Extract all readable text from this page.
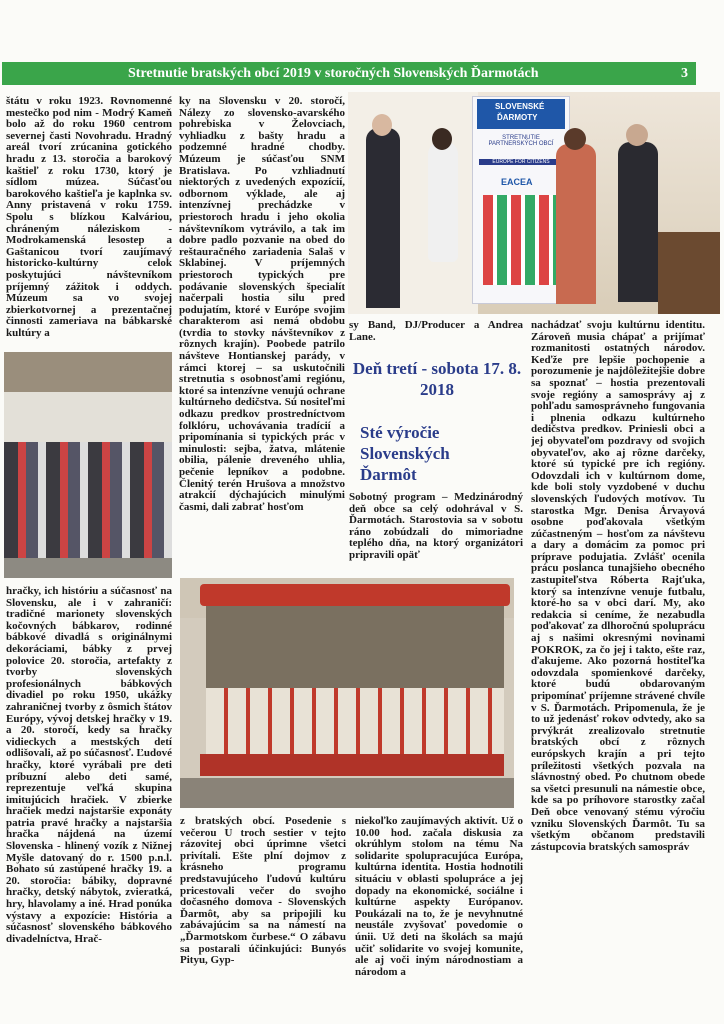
Stretnutie bratských obcí 2019 v storočných Slovenských Ďarmotách	3

štátu v roku 1923. Rovnomenné mestečko pod nim - Modrý Kameň bolo až do roku 1960 centrom severnej časti Novohradu. Hradný areál tvorí zrúcanina gotického hradu z 13. storočia a barokový kaštieľ z roku 1730, ktorý je sídlom múzea. Súčasťou barokového kaštieľa je kaplnka sv. Anny pristavená v roku 1759. Spolu s blízkou Kalváriou, chráneným náleziskom - Modrokamenská lesostep a Gaštanicou tvorí zaujímavý historicko-kultúrny celok poskytujúci návštevníkom príjemný zážitok i oddych. Múzeum sa vo svojej zbierkotvornej a prezentačnej činnosti zameriava na bábkarské kultúry a

ky na Slovensku v 20. storočí, Nálezy zo slovensko-avarského pohrebiska v Želovciach, vyhliadku z bašty hradu a podzemné hradné chodby. Múzeum je súčasťou SNM Bratislava. Po vzhliadnutí niektorých z uvedených expozícií, odbornom výklade, ale aj intenzívnej prechádzke v priestoroch hradu i jeho okolia návštevníkom vytrávilo, a tak im dobre padlo pozvanie na obed do reštauračného zariadenia Salaš v Sklabinej. V príjemných priestoroch typických pre podávanie slovenských špecialít načerpali hostia silu pred podujatím, ktoré v Európe svojim charakterom asi nemá obdobu (tvrdia to stovky návštevníkov z rôznych krajín). Poobede patrilo návšteve Hontianskej parády, v rámci ktorej – sa uskutočnili stretnutia s osobnosťami regiónu, ktoré sa intenzívne venujú ochrane kultúrneho dedičstva. Sú nositeľmi odkazu predkov prostredníctvom folklóru, uchovávania tradícií a pripomínania si typických prác v minulosti: sejba, žatva, mlátenie obilia, pálenie dreveného uhlia, pečenie lepníkov a podobne. Členitý terén Hrušova a množstvo atrakcií dýchajúcich minulými časmi, dali zabrať hosťom

SLOVENSKÉ
ĎARMOTY
STRETNUTIE PARTNERSKÝCH OBCÍ
EUROPE FOR CITIZENS
EACEA

hračky, ich históriu a súčasnosť na Slovensku, ale i v zahraničí: tradičné marionety slovenských kočovných bábkarov, rodinné bábkové divadlá s originálnymi dekoráciami, bábky z prvej polovice 20. storočia, artefakty z tvorby slovenských profesionálnych bábkových divadiel po roku 1950, ukážky zahraničnej tvorby z ôsmich štátov Európy, vývoj detskej hračky v 19. a 20. storočí, kedy sa hračky vidieckych a mestských detí odlišovali, až po súčasnosť. Ľudové hračky, ktoré vyrábali pre deti príbuzní alebo deti samé, reprezentuje veľká skupina imitujúcich hračiek. V zbierke hračiek medzi najstaršie exponáty patria pravé hračky a najstaršia hračka nájdená na území Slovenska - hlinený vozík z Nižnej Myšle datovaný do r. 1500 p.n.l. Bohato sú zastúpené hračky 19. a 20. storočia: bábiky, dopravné hračky, detský nábytok, zvieratká, hry, hlavolamy a iné. Hrad ponúka výstavy a expozície: História a súčasnosť slovenského bábkového divadelníctva, Hrač-

sy Band, DJ/Producer a Andrea Lane.

Deň tretí - sobota 17. 8. 2018
Sté výročie Slovenských Ďarmôt

Sobotný program – Medzinárodný deň obce sa celý odohrával v S. Ďarmotách. Starostovia sa v sobotu ráno zobúdzali do mimoriadne teplého dňa, na ktorý organizátori pripravili opäť

nachádzať svoju kultúrnu identitu. Zároveň musia chápať a prijímať rozmanitosti ostatných národov. Keďže pre lepšie pochopenie a porozumenie je najdôležitejšie dobre sa spoznať – hostia prezentovali svoje regióny a samosprávy aj z pohľadu samosprávneho fungovania i plnenia odkazu kultúrneho dedičstva predkov. Priniesli obci a jej obyvateľom pozdravy od svojich obyvateľov, ako aj rôzne darčeky, ktoré sú typické pre ich regióny. Odovzdali ich v kultúrnom dome, kde boli stoly vyzdobené v duchu slovenských ľudových motívov. Tu starostka Mgr. Denisa Árvayová osobne poďakovala všetkým zúčastneným – hosťom za návštevu a dary a domácim za pomoc pri príprave podujatia. Zvlášť ocenila prácu poslanca tunajšieho obecného zastupiteľstva Róberta Rajťuka, ktorý sa intenzívne venuje futbalu, ktoré-ho sa v obci darí. My, ako redakcia si ceníme, že nezabudla poďakovať za dlhoročnú spoluprácu aj s našimi okresnými novinami POKROK, za čo jej i takto, ešte raz, ďakujeme. Ako pozorná hostiteľka odovzdala spomienkové darčeky, ktoré budú obdarovaným pripomínať príjemne strávené chvíle v S. Ďarmotách. Pripomenula, že je to už jedenásť rokov odvtedy, ako sa prvýkrát zrealizovalo stretnutie bratských obcí z rôznych európskych krajín a pri tejto príležitosti všetkých pozvala na slávnostný obed. Po chutnom obede sa všetci presunuli na námestie obce, kde sa po príhovore starostky začal Deň obce venovaný stému výročiu vzniku Slovenských Ďarmôt. Tu sa všetkým občanom predstavili zástupcovia bratských samospráv

z bratských obcí. Posedenie s večerou U troch sestier v tejto rázovitej obci úprimne všetci privítali. Ešte plní dojmov z krásneho programu predstavujúceho ľudovú kultúru pricestovali večer do svojho dočasného domova - Slovenských Ďarmôt, aby sa pripojili ku zabávajúcim sa na námestí na „Ďarmotskom čurbese.“ O zábavu sa postarali účinkujúci: Bunyós Pityu, Gyp-

niekoľko zaujímavých aktivít. Už o 10.00 hod. začala diskusia za okrúhlym stolom na tému Na solidarite spolupracujúca Európa, kultúrna identita. Hostia hodnotili situáciu v oblasti spolupráce a jej dopady na ekonomické, sociálne i kultúrne aspekty Európanov. Poukázali na to, že je nevyhnutné neustále zvyšovať povedomie o únii. Už deti na školách sa majú učiť solidarite vo svojej komunite, ale aj voči iným národnostiam a národom a
